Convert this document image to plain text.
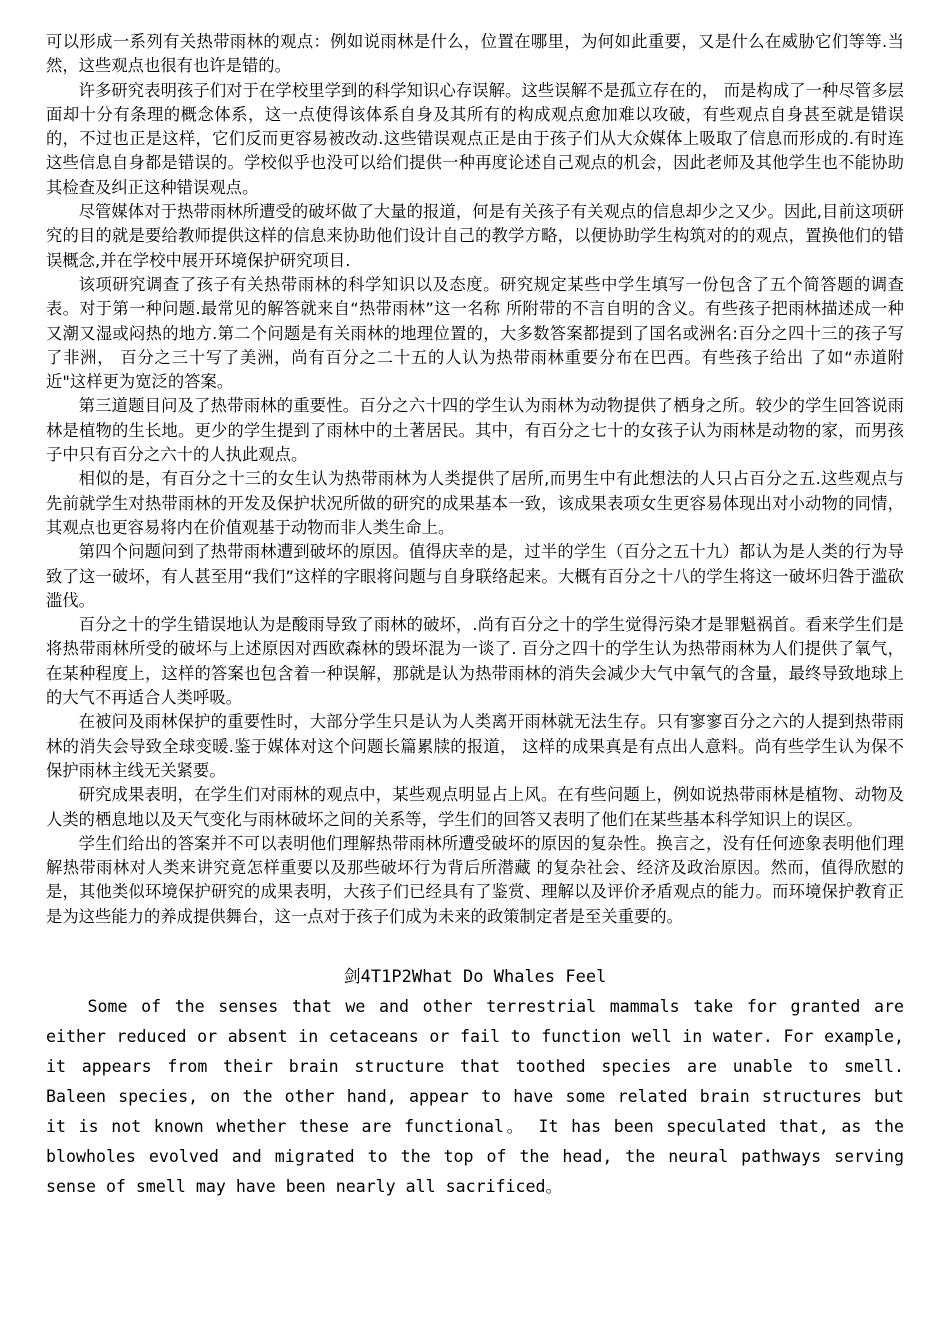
可以形成一系列有关热带雨林的观点：例如说雨林是什么，位置在哪里，为何如此重要，又是什么在威胁它们等等.当然，这些观点也很有也许是错的。

许多研究表明孩子们对于在学校里学到的科学知识心存误解。这些误解不是孤立存在的， 而是构成了一种尽管多层面却十分有条理的概念体系，这一点使得该体系自身及其所有的构成观点愈加难以攻破，有些观点自身甚至就是错误的，不过也正是这样，它们反而更容易被改动.这些错误观点正是由于孩子们从大众媒体上吸取了信息而形成的.有时连这些信息自身都是错误的。学校似乎也没可以给们提供一种再度论述自己观点的机会，因此老师及其他学生也不能协助其检查及纠正这种错误观点。

尽管媒体对于热带雨林所遭受的破坏做了大量的报道，何是有关孩子有关观点的信息却少之又少。因此,目前这项研究的目的就是要给教师提供这样的信息来协助他们设计自己的教学方略，以便协助学生构筑对的的观点，置换他们的错误概念,并在学校中展开环境保护研究项目.

该项研究调查了孩子有关热带雨林的科学知识以及态度。研究规定某些中学生填写一份包含了五个简答题的调查表。对于第一种问题.最常见的解答就来自“热带雨林”这一名称 所附带的不言自明的含义。有些孩子把雨林描述成一种又潮又湿或闷热的地方.第二个问题是有关雨林的地理位置的，大多数答案都提到了国名或洲名:百分之四十三的孩子写了非洲， 百分之三十写了美洲，尚有百分之二十五的人认为热带雨林重要分布在巴西。有些孩子给出 了如“赤道附近"这样更为宽泛的答案。

第三道题目问及了热带雨林的重要性。百分之六十四的学生认为雨林为动物提供了栖身之所。较少的学生回答说雨林是植物的生长地。更少的学生提到了雨林中的土著居民。其中，有百分之七十的女孩子认为雨林是动物的家，而男孩子中只有百分之六十的人执此观点。

相似的是，有百分之十三的女生认为热带雨林为人类提供了居所,而男生中有此想法的人只占百分之五.这些观点与先前就学生对热带雨林的开发及保护状况所做的研究的成果基本一致，该成果表项女生更容易体现出对小动物的同情，其观点也更容易将内在价值观基于动物而非人类生命上。

第四个问题问到了热带雨林遭到破坏的原因。值得庆幸的是，过半的学生（百分之五十九）都认为是人类的行为导致了这一破坏，有人甚至用“我们”这样的字眼将问题与自身联络起来。大概有百分之十八的学生将这一破坏归咎于滥砍滥伐。

百分之十的学生错误地认为是酸雨导致了雨林的破坏，.尚有百分之十的学生觉得污染才是罪魁祸首。看来学生们是将热带雨林所受的破坏与上述原因对西欧森林的毁坏混为一谈了. 百分之四十的学生认为热带雨林为人们提供了氧气，在某种程度上，这样的答案也包含着一种误解，那就是认为热带雨林的消失会减少大气中氧气的含量，最终导致地球上的大气不再适合人类呼吸。

在被问及雨林保护的重要性时，大部分学生只是认为人类离开雨林就无法生存。只有寥寥百分之六的人提到热带雨林的消失会导致全球变暖.鉴于媒体对这个问题长篇累牍的报道， 这样的成果真是有点出人意料。尚有些学生认为保不保护雨林主线无关紧要。

研究成果表明，在学生们对雨林的观点中，某些观点明显占上风。在有些问题上，例如说热带雨林是植物、动物及人类的栖息地以及天气变化与雨林破坏之间的关系等，学生们的回答又表明了他们在某些基本科学知识上的误区。

学生们给出的答案并不可以表明他们理解热带雨林所遭受破坏的原因的复杂性。换言之，没有任何迹象表明他们理解热带雨林对人类来讲究竟怎样重要以及那些破坏行为背后所潜藏 的复杂社会、经济及政治原因。然而，值得欣慰的是，其他类似环境保护研究的成果表明，大孩子们已经具有了鉴赏、理解以及评价矛盾观点的能力。而环境保护教育正是为这些能力的养成提供舞台，这一点对于孩子们成为未来的政策制定者是至关重要的。

剑4T1P2What Do Whales Feel

Some of the senses that we and other terrestrial mammals take for granted are either reduced or absent in cetaceans or fail to function well in water. For example, it appears from their brain structure that toothed species are unable to smell. Baleen species, on the other hand, appear to have some related brain structures but it is not known whether these are functional。 It has been speculated that, as the blowholes evolved and migrated to the top of the head, the neural pathways serving sense of smell may have been nearly all sacrificed。
